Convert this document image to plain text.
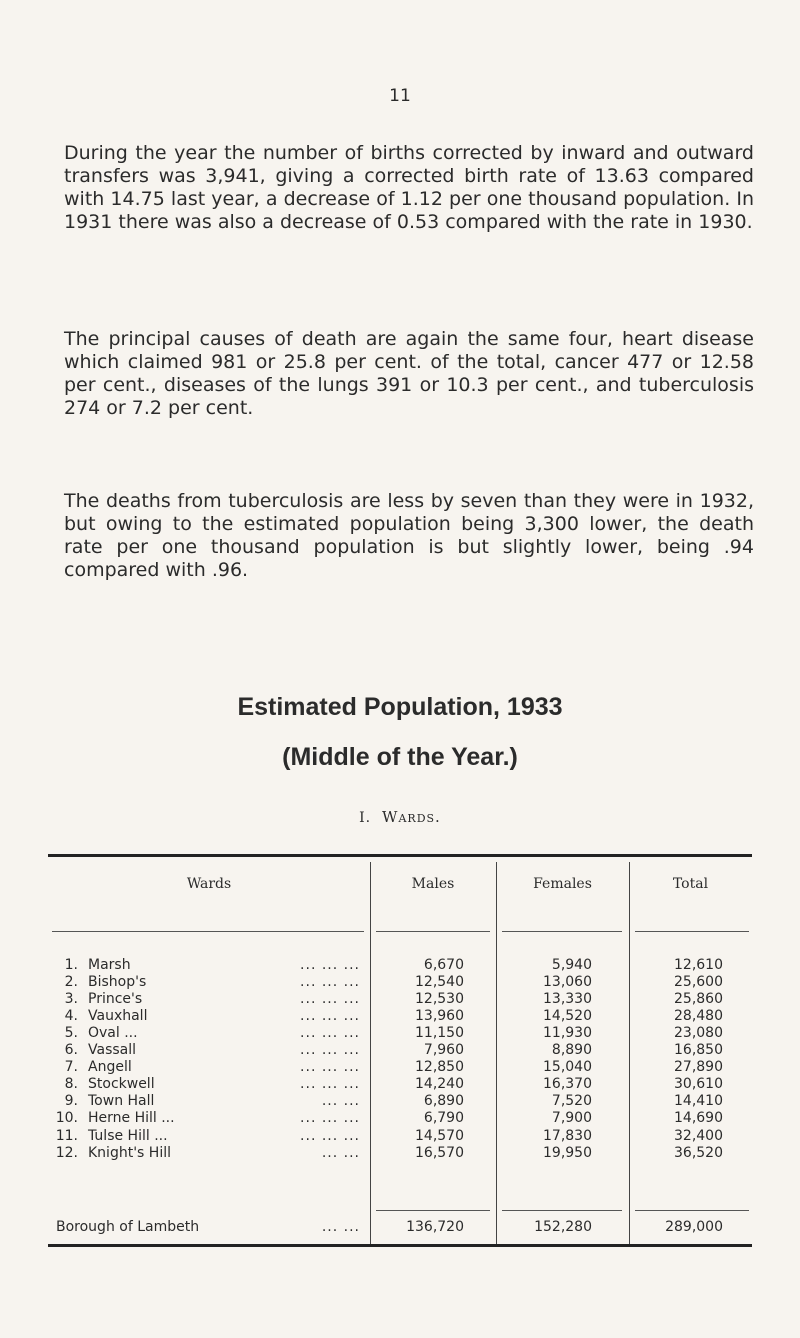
11

During the year the number of births corrected by inward and outward transfers was 3,941, giving a corrected birth rate of 13.63 compared with 14.75 last year, a decrease of 1.12 per one thousand population. In 1931 there was also a decrease of 0.53 compared with the rate in 1930.

The principal causes of death are again the same four, heart disease which claimed 981 or 25.8 per cent. of the total, cancer 477 or 12.58 per cent., diseases of the lungs 391 or 10.3 per cent., and tuberculosis 274 or 7.2 per cent.

The deaths from tuberculosis are less by seven than they were in 1932, but owing to the estimated population being 3,300 lower, the death rate per one thousand population is but slightly lower, being .94 compared with .96.

Estimated Population, 1933
(Middle of the Year.)
I. Wards.
Wards	Males	Females	Total
1. Marsh	... ... ...	6,670	5,940	12,610
2. Bishop's	... ... ...	12,540	13,060	25,600
3. Prince's	... ... ...	12,530	13,330	25,860
4. Vauxhall	... ... ...	13,960	14,520	28,480
5. Oval ...	... ... ...	11,150	11,930	23,080
6. Vassall	... ... ...	7,960	8,890	16,850
7. Angell	... ... ...	12,850	15,040	27,890
8. Stockwell	... ... ...	14,240	16,370	30,610
9. Town Hall	... ...	6,890	7,520	14,410
10. Herne Hill ...	... ... ...	6,790	7,900	14,690
11. Tulse Hill ...	... ... ...	14,570	17,830	32,400
12. Knight's Hill	... ...	16,570	19,950	36,520
Borough of Lambeth	... ...	136,720	152,280	289,000
